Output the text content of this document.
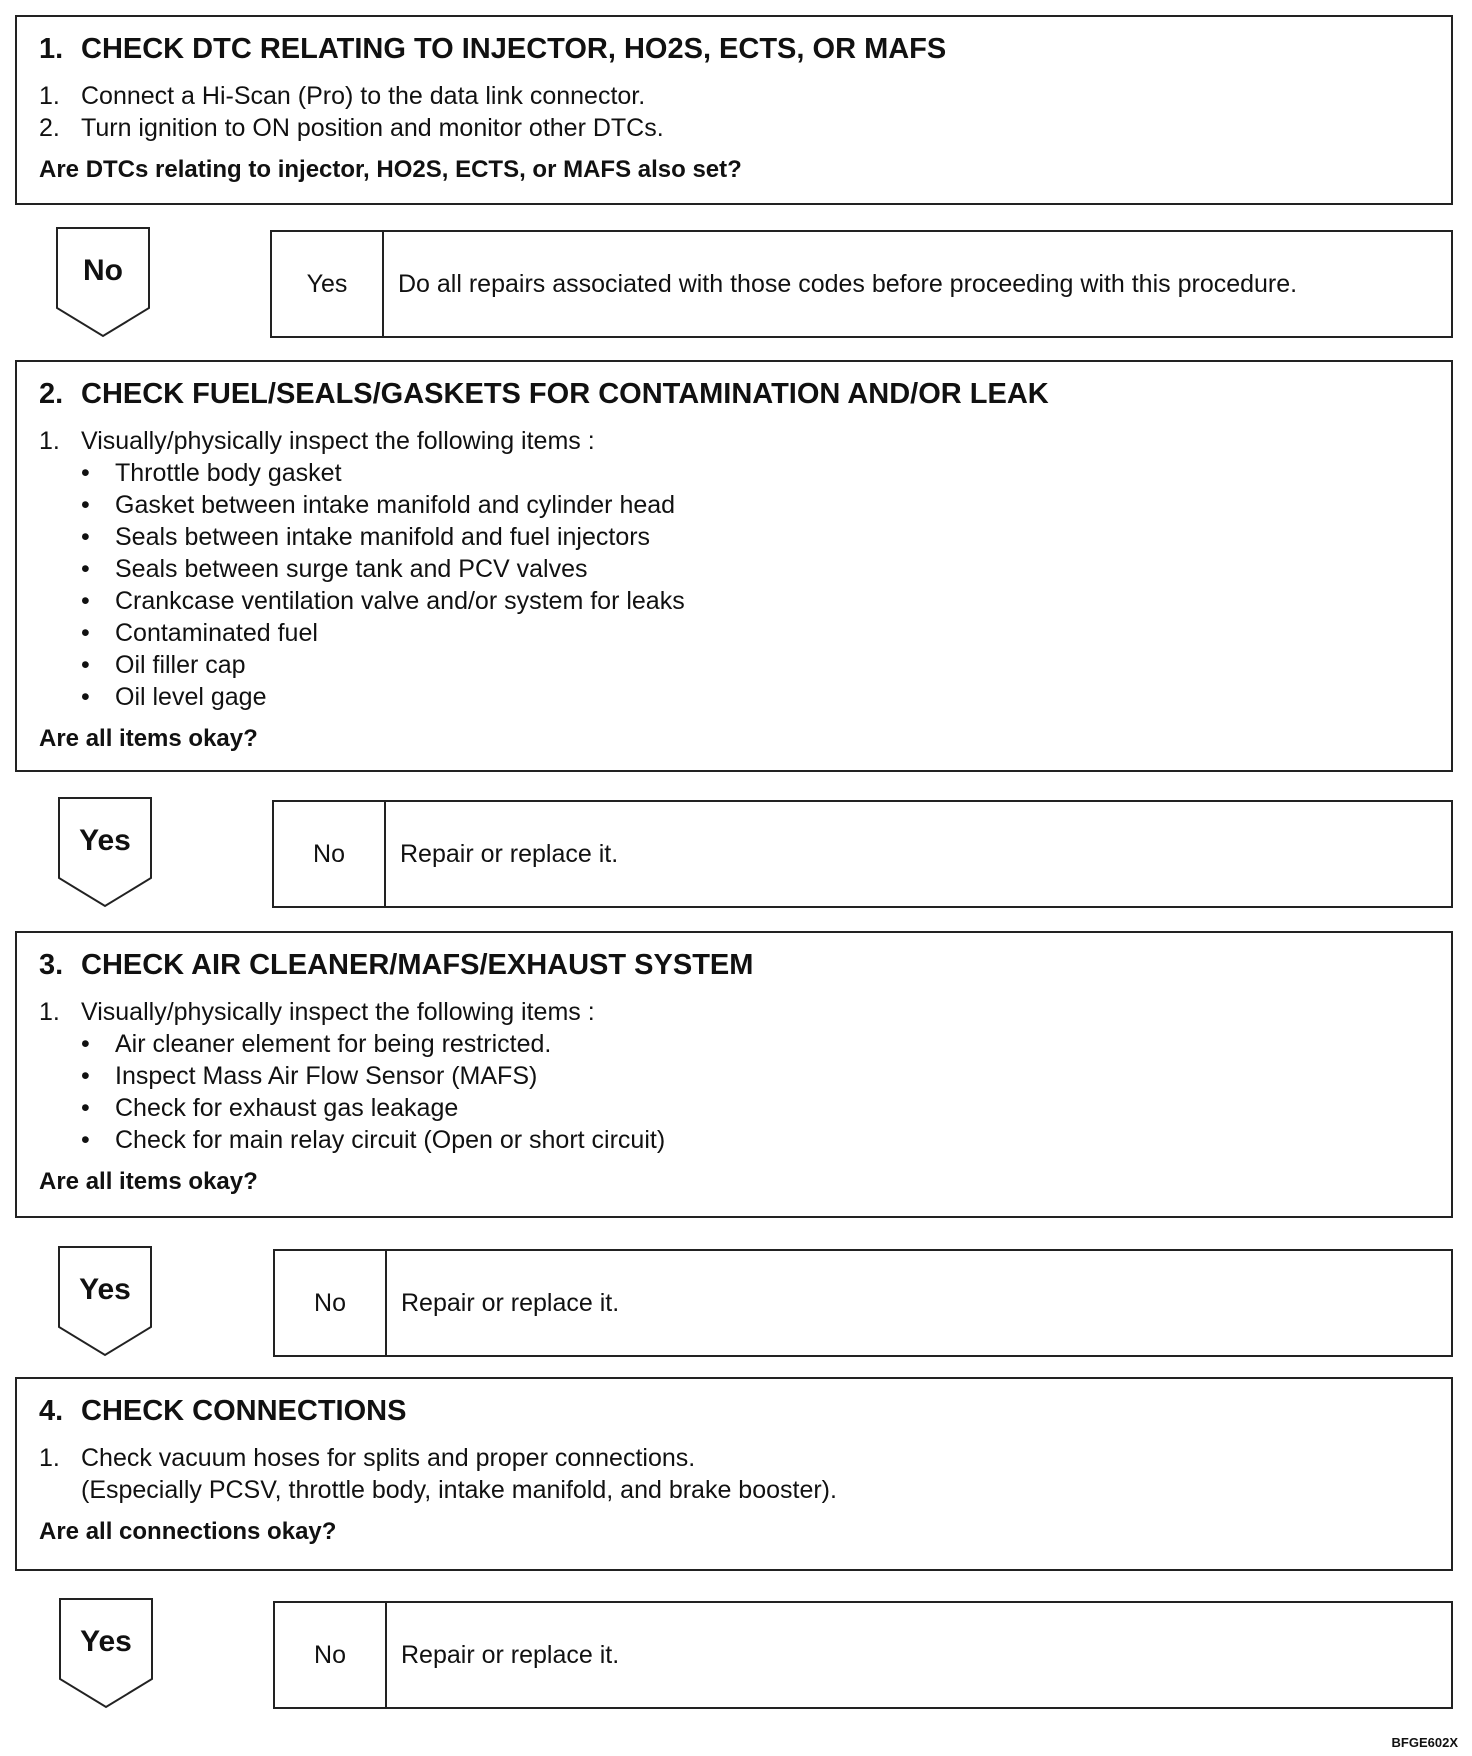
1. CHECK DTC RELATING TO INJECTOR, HO2S, ECTS, OR MAFS
1. Connect a Hi-Scan (Pro) to the data link connector.
2. Turn ignition to ON position and monitor other DTCs.
Are DTCs relating to injector, HO2S, ECTS, or MAFS also set?
No	Yes	Do all repairs associated with those codes before proceeding with this procedure.
2. CHECK FUEL/SEALS/GASKETS FOR CONTAMINATION AND/OR LEAK
1. Visually/physically inspect the following items :
•	Throttle body gasket
•	Gasket between intake manifold and cylinder head
•	Seals between intake manifold and fuel injectors
•	Seals between surge tank and PCV valves
•	Crankcase ventilation valve and/or system for leaks
•	Contaminated fuel
•	Oil filler cap
•	Oil level gage
Are all items okay?
Yes	No	Repair or replace it.
3. CHECK AIR CLEANER/MAFS/EXHAUST SYSTEM
1. Visually/physically inspect the following items :
•	Air cleaner element for being restricted.
•	Inspect Mass Air Flow Sensor (MAFS)
•	Check for exhaust gas leakage
•	Check for main relay circuit (Open or short circuit)
Are all items okay?
Yes	No	Repair or replace it.
4. CHECK CONNECTIONS
1. Check vacuum hoses for splits and proper connections.
(Especially PCSV, throttle body, intake manifold, and brake booster).
Are all connections okay?
Yes	No	Repair or replace it.
BFGE602X
